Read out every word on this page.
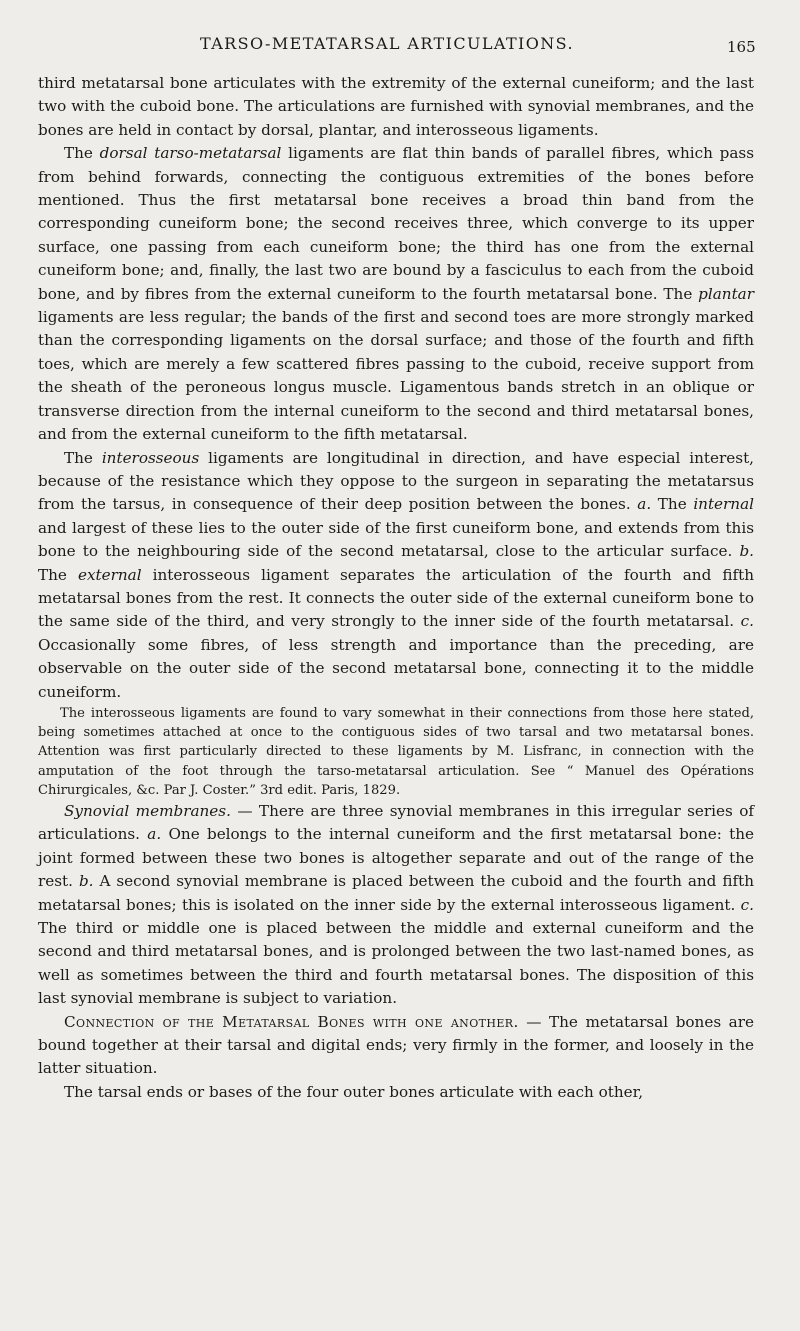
TARSO-METATARSAL ARTICULATIONS.	165

third metatarsal bone articulates with the extremity of the external cuneiform; and the last two with the cuboid bone. The articulations are furnished with synovial membranes, and the bones are held in contact by dorsal, plantar, and interosseous ligaments.

The dorsal tarso-metatarsal ligaments are flat thin bands of parallel fibres, which pass from behind forwards, connecting the contiguous extremities of the bones before mentioned. Thus the first metatarsal bone receives a broad thin band from the corresponding cuneiform bone; the second receives three, which converge to its upper surface, one passing from each cuneiform bone; the third has one from the external cuneiform bone; and, finally, the last two are bound by a fasciculus to each from the cuboid bone, and by fibres from the external cuneiform to the fourth metatarsal bone. The plantar ligaments are less regular; the bands of the first and second toes are more strongly marked than the corresponding ligaments on the dorsal surface; and those of the fourth and fifth toes, which are merely a few scattered fibres passing to the cuboid, receive support from the sheath of the peroneous longus muscle. Ligamentous bands stretch in an oblique or transverse direction from the internal cuneiform to the second and third metatarsal bones, and from the external cuneiform to the fifth metatarsal.

The interosseous ligaments are longitudinal in direction, and have especial interest, because of the resistance which they oppose to the surgeon in separating the metatarsus from the tarsus, in consequence of their deep position between the bones. a. The internal and largest of these lies to the outer side of the first cuneiform bone, and extends from this bone to the neighbouring side of the second metatarsal, close to the articular surface. b. The external interosseous ligament separates the articulation of the fourth and fifth metatarsal bones from the rest. It connects the outer side of the external cuneiform bone to the same side of the third, and very strongly to the inner side of the fourth metatarsal. c. Occasionally some fibres, of less strength and importance than the preceding, are observable on the outer side of the second metatarsal bone, connecting it to the middle cuneiform.

The interosseous ligaments are found to vary somewhat in their connections from those here stated, being sometimes attached at once to the contiguous sides of two tarsal and two metatarsal bones. Attention was first particularly directed to these ligaments by M. Lisfranc, in connection with the amputation of the foot through the tarso-metatarsal articulation. See “ Manuel des Opérations Chirurgicales, &c. Par J. Coster.” 3rd edit. Paris, 1829.

Synovial membranes. — There are three synovial membranes in this irregular series of articulations. a. One belongs to the internal cuneiform and the first metatarsal bone: the joint formed between these two bones is altogether separate and out of the range of the rest. b. A second synovial membrane is placed between the cuboid and the fourth and fifth metatarsal bones; this is isolated on the inner side by the external interosseous ligament. c. The third or middle one is placed between the middle and external cuneiform and the second and third metatarsal bones, and is prolonged between the two last-named bones, as well as sometimes between the third and fourth metatarsal bones. The disposition of this last synovial membrane is subject to variation.

Connection of the Metatarsal Bones with one another. — The metatarsal bones are bound together at their tarsal and digital ends; very firmly in the former, and loosely in the latter situation.

The tarsal ends or bases of the four outer bones articulate with each other,
